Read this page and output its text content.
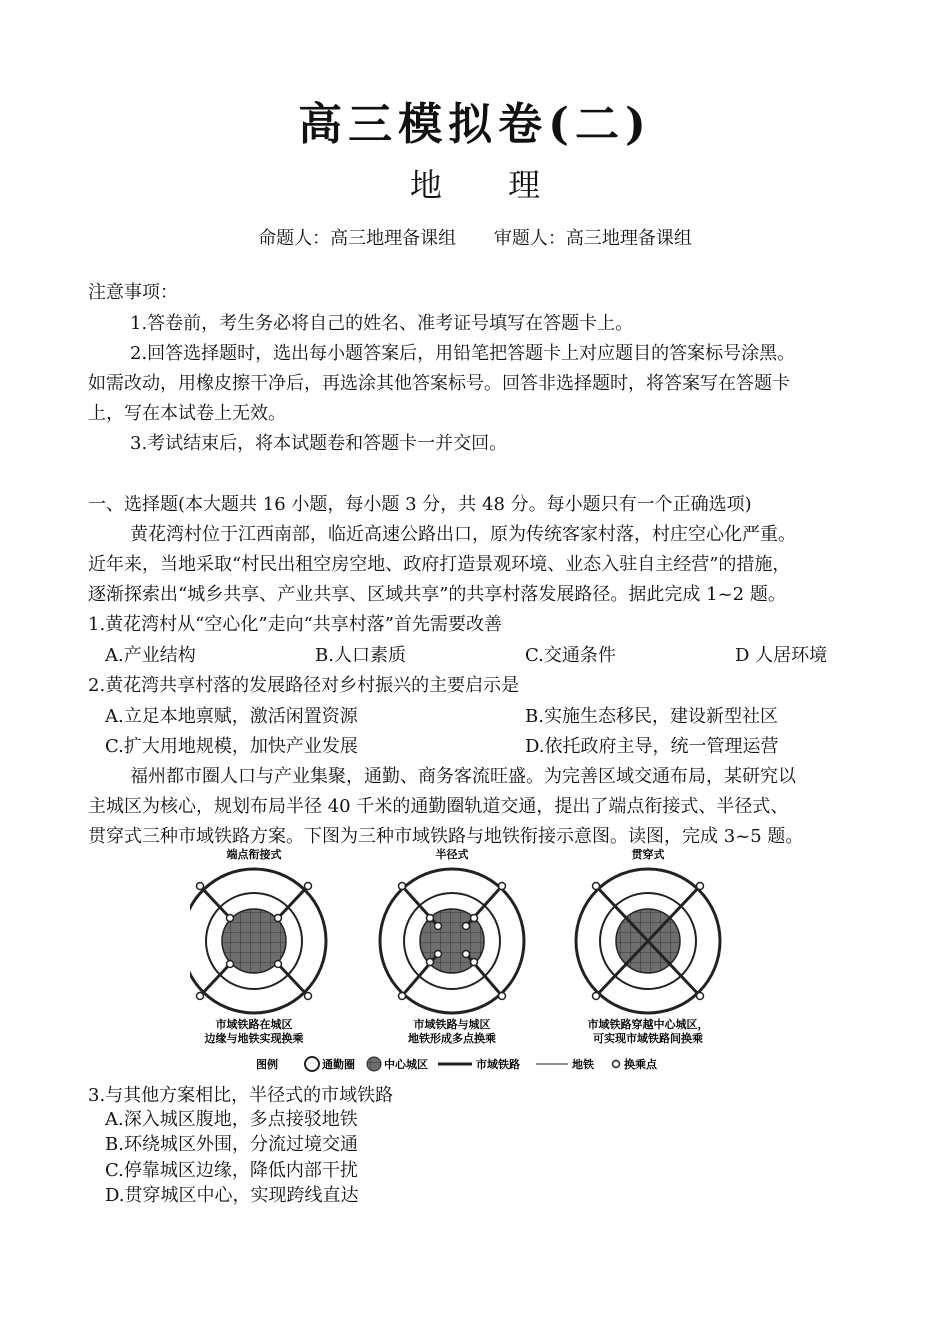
高三模拟卷(二)
地 理
命题人：高三地理备课组 审题人：高三地理备课组
注意事项：
1.答卷前，考生务必将自己的姓名、准考证号填写在答题卡上。
2.回答选择题时，选出每小题答案后，用铅笔把答题卡上对应题目的答案标号涂黑。
如需改动，用橡皮擦干净后，再选涂其他答案标号。回答非选择题时，将答案写在答题卡
上，写在本试卷上无效。
3.考试结束后，将本试题卷和答题卡一并交回。
一、选择题(本大题共 16 小题，每小题 3 分，共 48 分。每小题只有一个正确选项)
黄花湾村位于江西南部，临近高速公路出口，原为传统客家村落，村庄空心化严重。
近年来，当地采取“村民出租空房空地、政府打造景观环境、业态入驻自主经营”的措施，
逐渐探索出“城乡共享、产业共享、区域共享”的共享村落发展路径。据此完成 1~2 题。
1.黄花湾村从“空心化”走向“共享村落”首先需要改善
A.产业结构	B.人口素质	C.交通条件	D 人居环境
2.黄花湾共享村落的发展路径对乡村振兴的主要启示是
A.立足本地禀赋，激活闲置资源	B.实施生态移民，建设新型社区
C.扩大用地规模，加快产业发展	D.依托政府主导，统一管理运营
福州都市圈人口与产业集聚，通勤、商务客流旺盛。为完善区域交通布局，某研究以
主城区为核心，规划布局半径 40 千米的通勤圈轨道交通，提出了端点衔接式、半径式、
贯穿式三种市域铁路方案。下图为三种市域铁路与地铁衔接示意图。读图，完成 3~5 题。
端点衔接式
市域铁路在城区
边缘与地铁实现换乘
半径式
市域铁路与城区
地铁形成多点换乘
贯穿式
市域铁路穿越中心城区，
可实现市域铁路间换乘
图例	通勤圈	中心城区	市域铁路	地铁	换乘点
3.与其他方案相比，半径式的市域铁路
A.深入城区腹地，多点接驳地铁
B.环绕城区外围，分流过境交通
C.停靠城区边缘，降低内部干扰
D.贯穿城区中心，实现跨线直达
